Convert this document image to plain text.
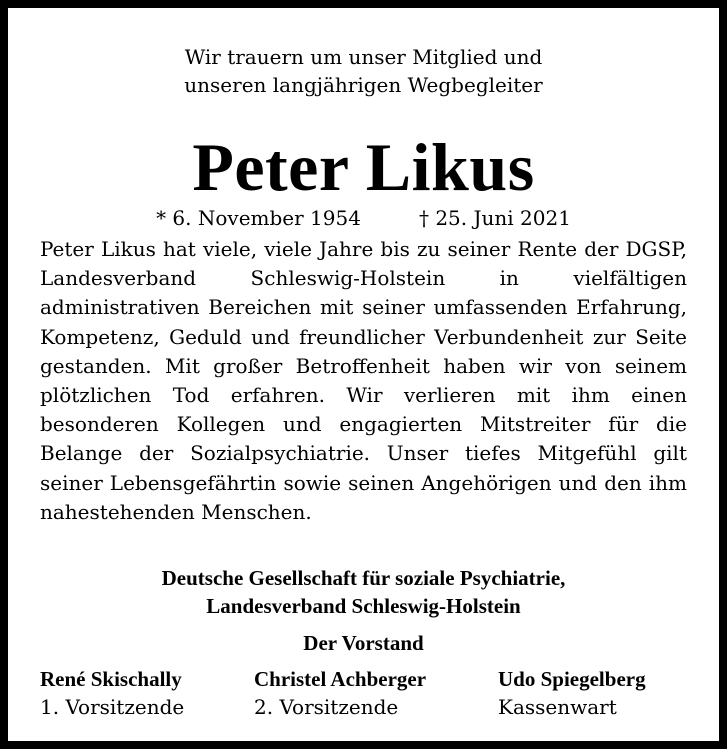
Wir trauern um unser Mitglied und
unseren langjährigen Wegbegleiter
Peter Likus
* 6. November 1954	† 25. Juni 2021
Peter Likus hat viele, viele Jahre bis zu seiner Rente der DGSP, Landesverband Schleswig-Holstein in vielfältigen administrativen Bereichen mit seiner umfassenden Erfahrung, Kompetenz, Geduld und freundlicher Verbundenheit zur Seite gestanden. Mit großer Betroffenheit haben wir von seinem plötzlichen Tod erfahren. Wir verlieren mit ihm einen besonderen Kollegen und engagierten Mitstreiter für die Belange der Sozialpsychiatrie. Unser tiefes Mitgefühl gilt seiner Lebensgefährtin sowie seinen Angehörigen und den ihm nahestehenden Menschen.
Deutsche Gesellschaft für soziale Psychiatrie,
Landesverband Schleswig-Holstein
Der Vorstand
René Skischally
1. Vorsitzende
Christel Achberger
2. Vorsitzende
Udo Spiegelberg
Kassenwart
